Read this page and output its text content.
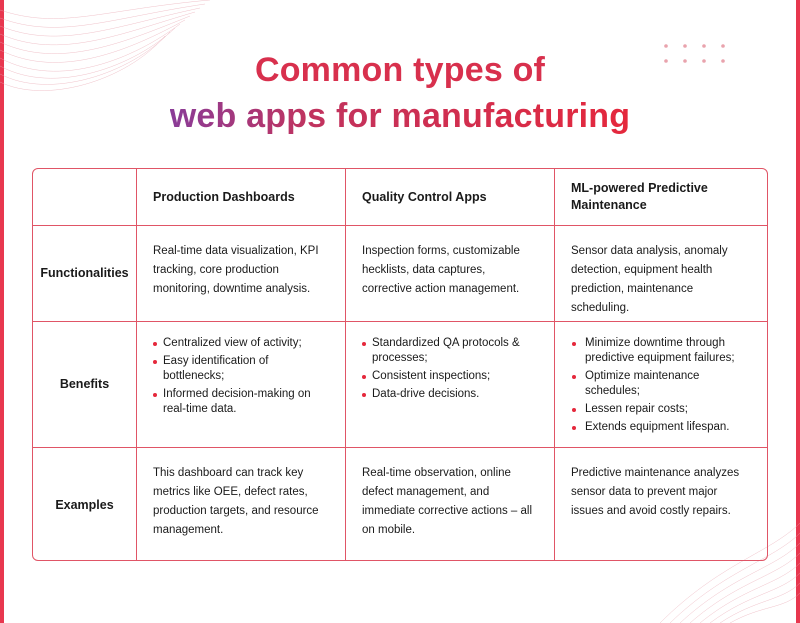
Common types of
web apps for manufacturing
Production Dashboards	Quality Control Apps
ML-powered Predictive Maintenance
Functionalities
Real-time data visualization, KPI tracking, core production monitoring, downtime analysis.
Inspection forms, customizable hecklists, data captures, corrective action management.
Sensor data analysis, anomaly detection, equipment health prediction, maintenance scheduling.
Benefits
Centralized view of activity;
Easy identification of bottlenecks;
Informed decision-making on real-time data.
Standardized QA protocols & processes;
Consistent inspections;
Data-drive decisions.
Minimize downtime through predictive equipment failures;
Optimize maintenance schedules;
Lessen repair costs;
Extends equipment lifespan.
Examples
This dashboard can track key metrics like OEE, defect rates, production targets, and resource management.
Real-time observation, online defect management, and immediate corrective actions – all on mobile.
Predictive maintenance analyzes sensor data to prevent major issues and avoid costly repairs.
